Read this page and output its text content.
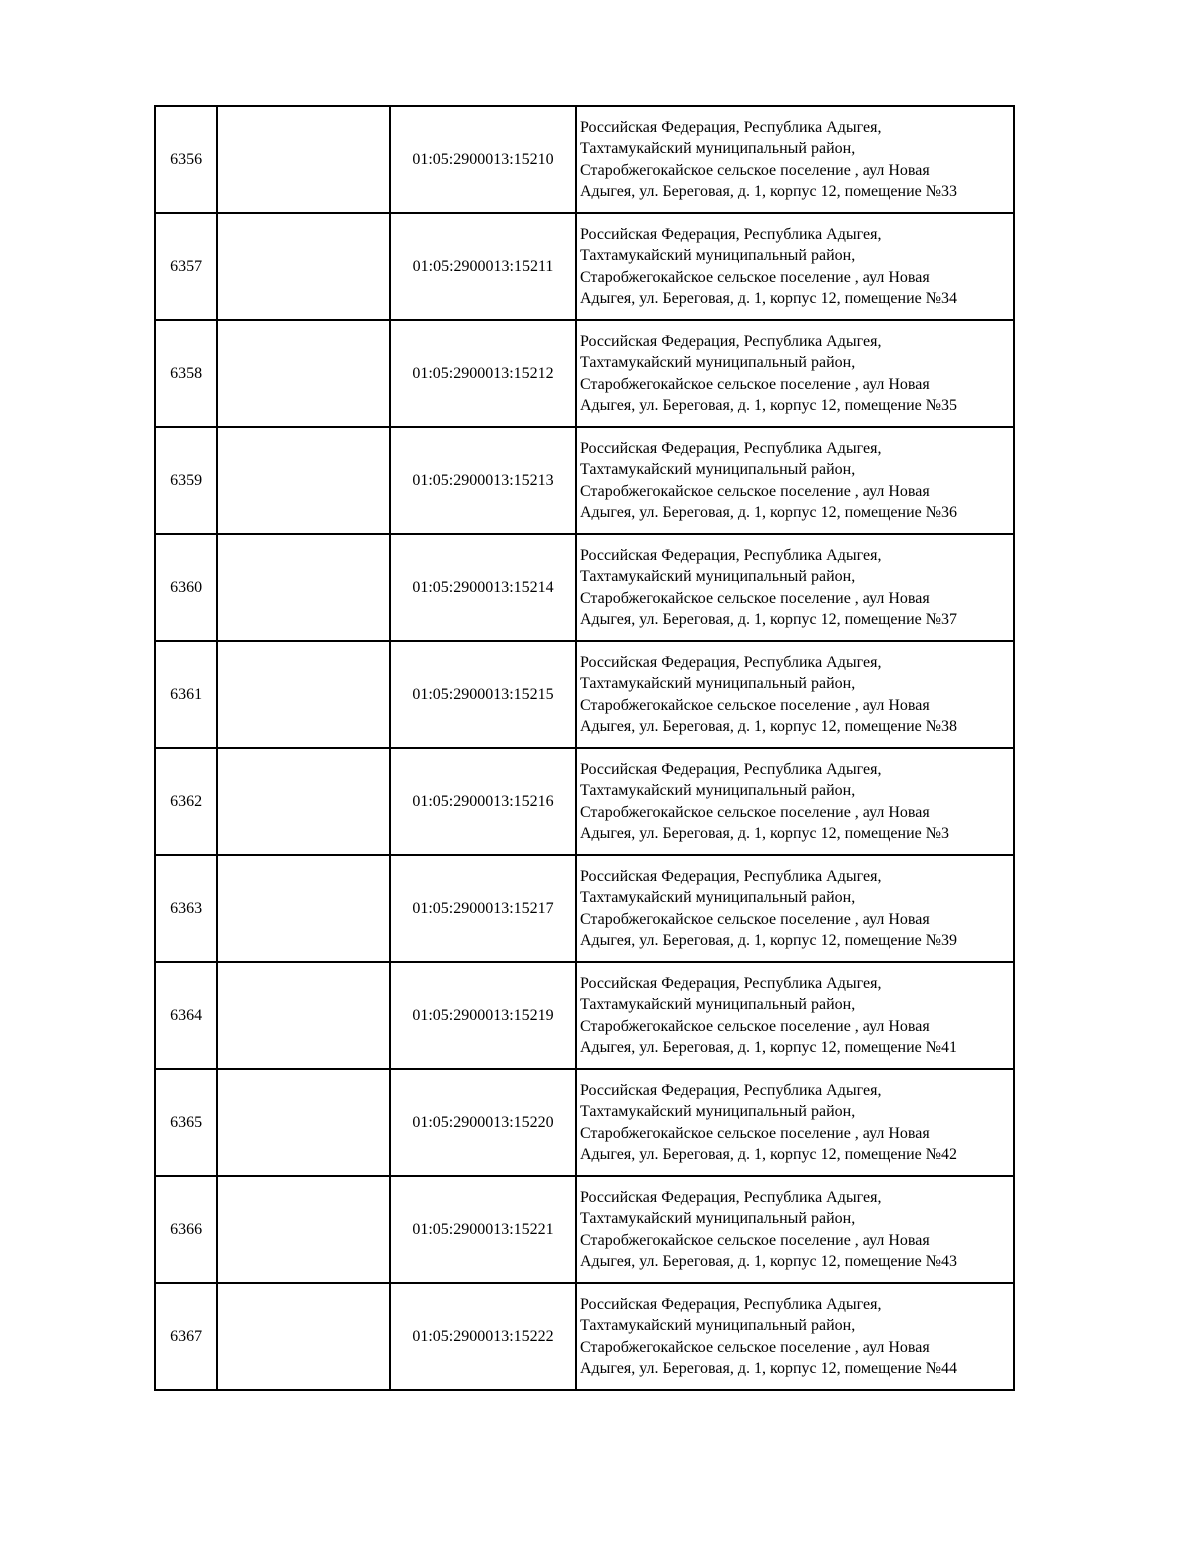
6356		01:05:2900013:15210	Российская Федерация, Республика Адыгея,
Тахтамукайский муниципальный район,
Старобжегокайское сельское поселение , аул Новая
Адыгея, ул. Береговая, д. 1, корпус 12, помещение №33

6357		01:05:2900013:15211	Российская Федерация, Республика Адыгея,
Тахтамукайский муниципальный район,
Старобжегокайское сельское поселение , аул Новая
Адыгея, ул. Береговая, д. 1, корпус 12, помещение №34

6358		01:05:2900013:15212	Российская Федерация, Республика Адыгея,
Тахтамукайский муниципальный район,
Старобжегокайское сельское поселение , аул Новая
Адыгея, ул. Береговая, д. 1, корпус 12, помещение №35

6359		01:05:2900013:15213	Российская Федерация, Республика Адыгея,
Тахтамукайский муниципальный район,
Старобжегокайское сельское поселение , аул Новая
Адыгея, ул. Береговая, д. 1, корпус 12, помещение №36

6360		01:05:2900013:15214	Российская Федерация, Республика Адыгея,
Тахтамукайский муниципальный район,
Старобжегокайское сельское поселение , аул Новая
Адыгея, ул. Береговая, д. 1, корпус 12, помещение №37

6361		01:05:2900013:15215	Российская Федерация, Республика Адыгея,
Тахтамукайский муниципальный район,
Старобжегокайское сельское поселение , аул Новая
Адыгея, ул. Береговая, д. 1, корпус 12, помещение №38

6362		01:05:2900013:15216	Российская Федерация, Республика Адыгея,
Тахтамукайский муниципальный район,
Старобжегокайское сельское поселение , аул Новая
Адыгея, ул. Береговая, д. 1, корпус 12, помещение №3

6363		01:05:2900013:15217	Российская Федерация, Республика Адыгея,
Тахтамукайский муниципальный район,
Старобжегокайское сельское поселение , аул Новая
Адыгея, ул. Береговая, д. 1, корпус 12, помещение №39

6364		01:05:2900013:15219	Российская Федерация, Республика Адыгея,
Тахтамукайский муниципальный район,
Старобжегокайское сельское поселение , аул Новая
Адыгея, ул. Береговая, д. 1, корпус 12, помещение №41

6365		01:05:2900013:15220	Российская Федерация, Республика Адыгея,
Тахтамукайский муниципальный район,
Старобжегокайское сельское поселение , аул Новая
Адыгея, ул. Береговая, д. 1, корпус 12, помещение №42

6366		01:05:2900013:15221	Российская Федерация, Республика Адыгея,
Тахтамукайский муниципальный район,
Старобжегокайское сельское поселение , аул Новая
Адыгея, ул. Береговая, д. 1, корпус 12, помещение №43

6367		01:05:2900013:15222	Российская Федерация, Республика Адыгея,
Тахтамукайский муниципальный район,
Старобжегокайское сельское поселение , аул Новая
Адыгея, ул. Береговая, д. 1, корпус 12, помещение №44
